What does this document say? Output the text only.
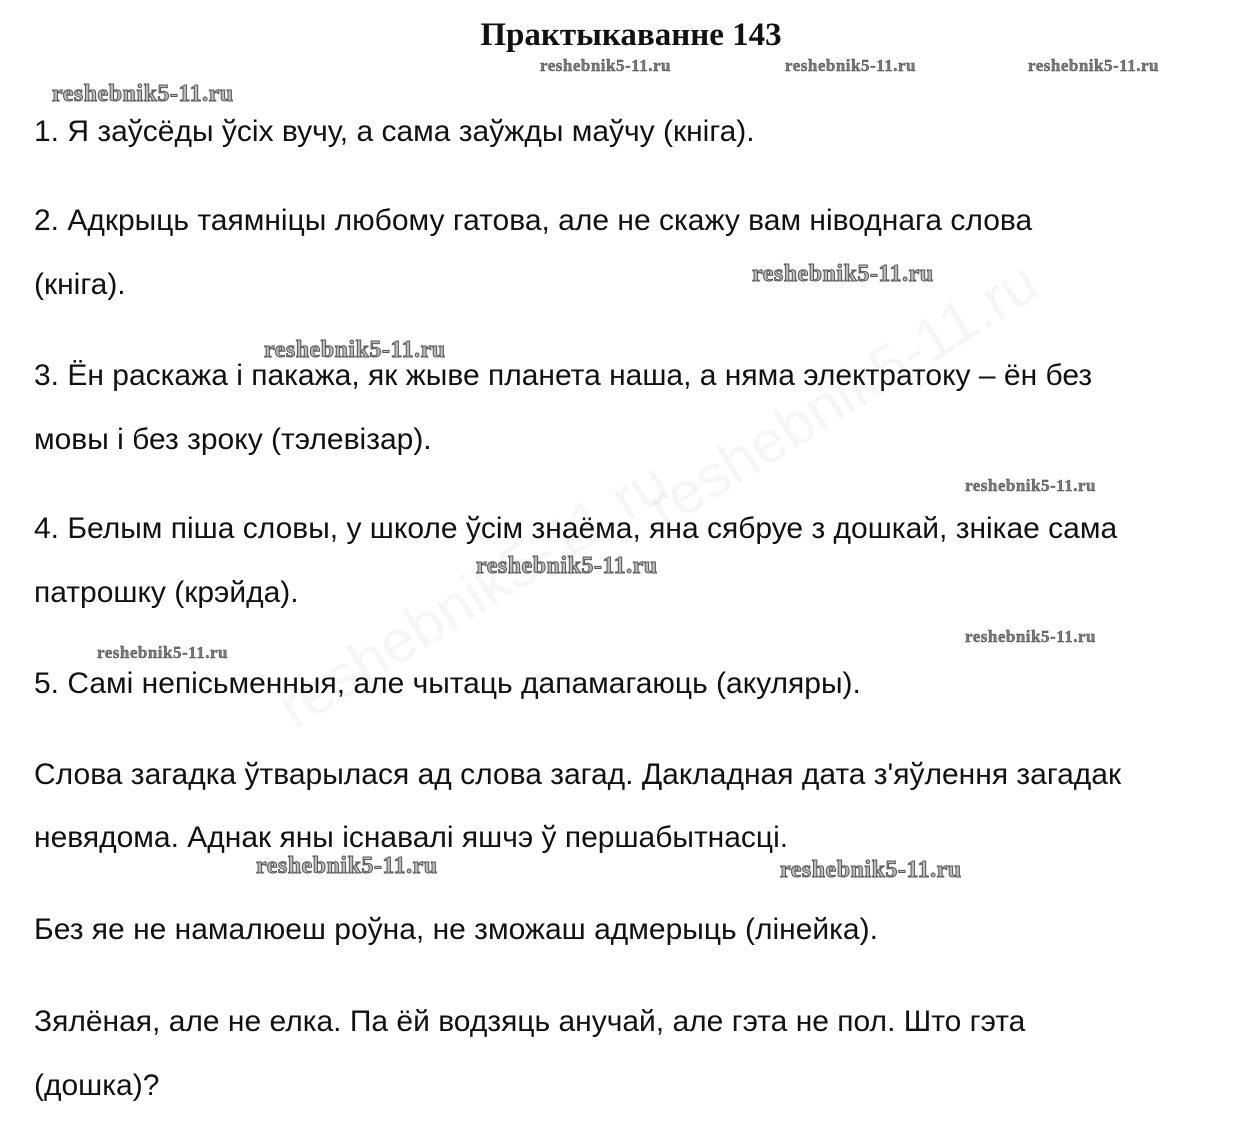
Практыкаванне 143
reshebnik5-11.ru	reshebnik5-11.ru	reshebnik5-11.ru
reshebnik5-11.ru
reshebnik5-11.ru
reshebnik5-11.ru
reshebnik5-11.ru
reshebnik5-11.ru
reshebnik5-11.ru
reshebnik5-11.ru
reshebnik5-11.ru	reshebnik5-11.ru

1. Я заўсёды ўсіх вучу, а сама заўжды маўчу (кніга).

2. Адкрыць таямніцы любому гатова, але не скажу вам ніводнага слова

(кніга).

3. Ён раскажа і пакажа, як жыве планета наша, а няма электратоку – ён без

мовы і без зроку (тэлевізар).

4. Белым пішa словы, у школе ўсім знаёма, яна сябруе з дошкай, знікае сама

патрошку (крэйда).

5. Самі непісьменныя, але чытаць дапамагаюць (акуляры).

Слова загадка ўтварылася ад слова загад. Дакладная дата з'яўлення загадак

невядома. Аднак яны існавалі яшчэ ў першабытнасці.

Без яе не намалюеш роўна, не зможаш адмерыць (лінейка).

Зялёная, але не елка. Па ёй водзяць анучай, але гэта не пол. Што гэта

(дошка)?
